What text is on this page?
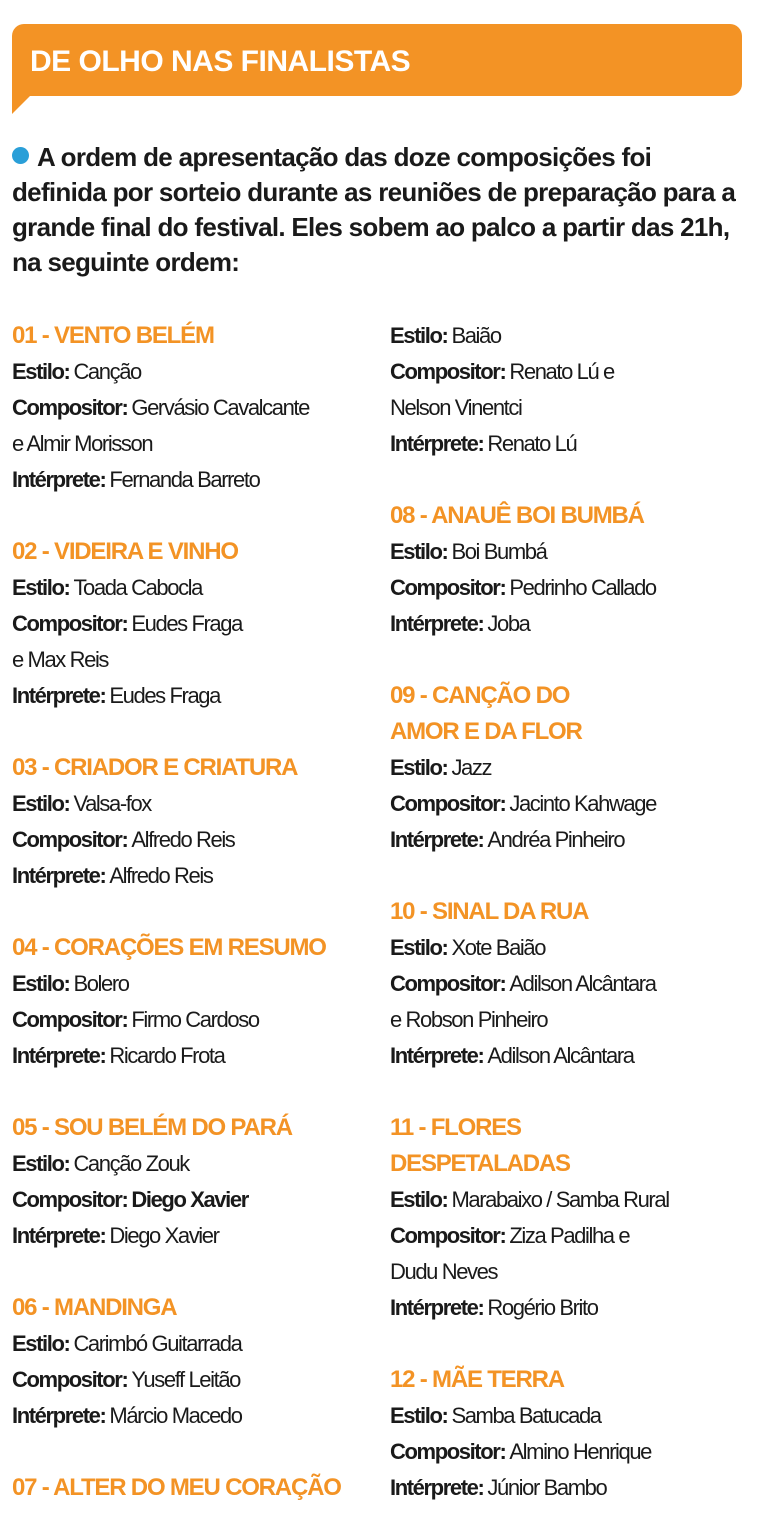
DE OLHO NAS FINALISTAS

A ordem de apresentação das doze composições foi definida por sorteio durante as reuniões de preparação para a grande final do festival. Eles sobem ao palco a partir das 21h, na seguinte ordem:

01 - VENTO BELÉM
Estilo: Canção
Compositor: Gervásio Cavalcante
e Almir Morisson
Intérprete: Fernanda Barreto
02 - VIDEIRA E VINHO
Estilo: Toada Cabocla
Compositor: Eudes Fraga
e Max Reis
Intérprete: Eudes Fraga
03 - CRIADOR E CRIATURA
Estilo: Valsa-fox
Compositor: Alfredo Reis
Intérprete: Alfredo Reis
04 - CORAÇÕES EM RESUMO
Estilo: Bolero
Compositor: Firmo Cardoso
Intérprete: Ricardo Frota
05 - SOU BELÉM DO PARÁ
Estilo: Canção Zouk
Compositor: Diego Xavier
Intérprete: Diego Xavier
06 - MANDINGA
Estilo: Carimbó Guitarrada
Compositor: Yuseff Leitão
Intérprete: Márcio Macedo
07 - ALTER DO MEU CORAÇÃO
Estilo: Baião
Compositor: Renato Lú e
Nelson Vinentci
Intérprete: Renato Lú
08 - ANAUÊ BOI BUMBÁ
Estilo: Boi Bumbá
Compositor: Pedrinho Callado
Intérprete: Joba
09 - CANÇÃO DO
AMOR E DA FLOR
Estilo: Jazz
Compositor: Jacinto Kahwage
Intérprete: Andréa Pinheiro
10 - SINAL DA RUA
Estilo: Xote Baião
Compositor: Adilson Alcântara
e Robson Pinheiro
Intérprete: Adilson Alcântara
11 - FLORES
DESPETALADAS
Estilo: Marabaixo / Samba Rural
Compositor: Ziza Padilha e
Dudu Neves
Intérprete: Rogério Brito
12 - MÃE TERRA
Estilo: Samba Batucada
Compositor: Almino Henrique
Intérprete: Júnior Bambo
